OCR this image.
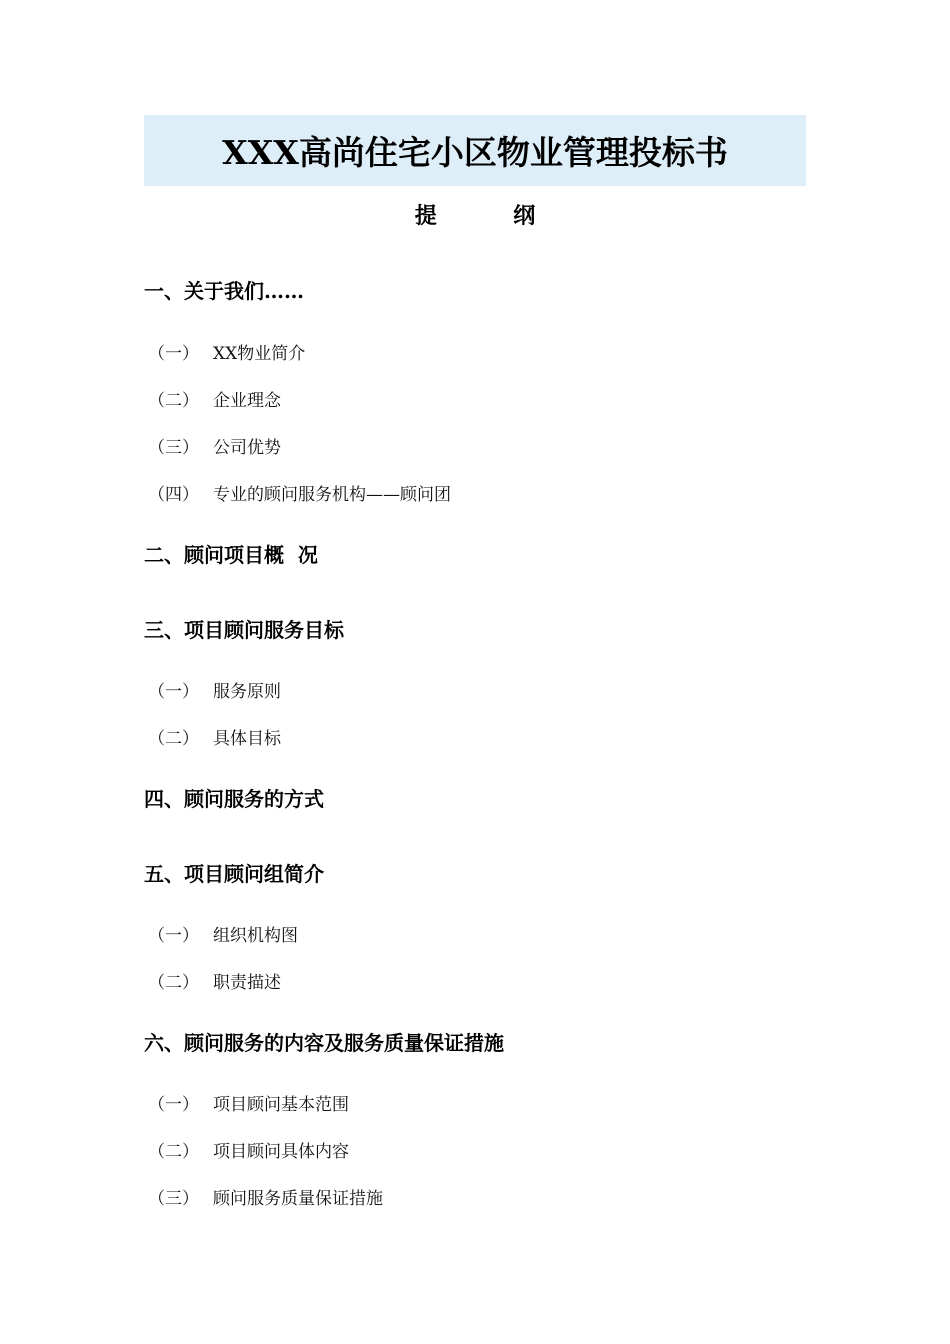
XXX高尚住宅小区物业管理投标书
提          纲
一、关于我们……
（一） XX物业简介
（二） 企业理念
（三） 公司优势
（四） 专业的顾问服务机构——顾问团
二、顾问项目概  况
三、项目顾问服务目标
（一） 服务原则
（二） 具体目标
四、顾问服务的方式
五、项目顾问组简介
（一） 组织机构图
（二） 职责描述
六、顾问服务的内容及服务质量保证措施
（一） 项目顾问基本范围
（二） 项目顾问具体内容
（三） 顾问服务质量保证措施
